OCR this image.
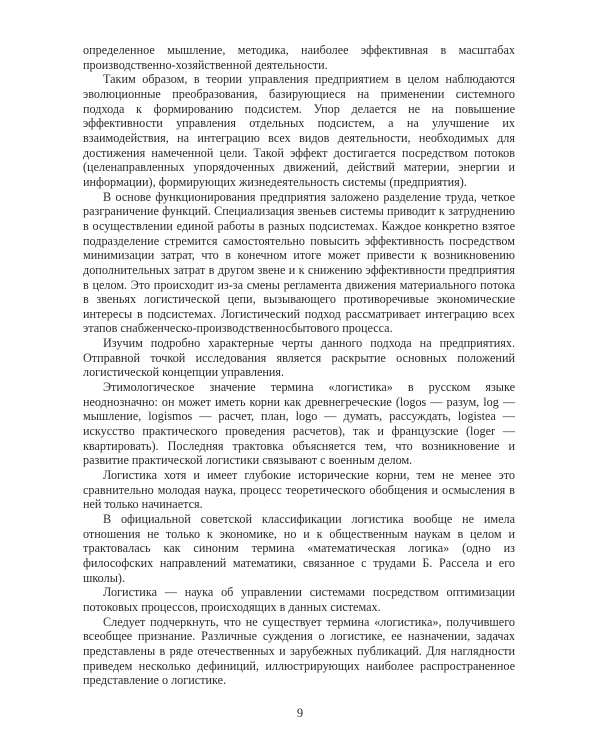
определенное мышление, методика, наиболее эффективная в масштабах производственно-хозяйственной деятельности.

Таким образом, в теории управления предприятием в целом наблюдаются эволюционные преобразования, базирующиеся на применении системного подхода к формированию подсистем. Упор делается не на повышение эффективности управления отдельных подсистем, а на улучшение их взаимодействия, на интеграцию всех видов деятельности, необходимых для достижения намеченной цели. Такой эффект достигается посредством потоков (целенаправленных упорядоченных движений, действий материи, энергии и информации), формирующих жизнедеятельность системы (предприятия).

В основе функционирования предприятия заложено разделение труда, четкое разграничение функций. Специализация звеньев системы приводит к затруднению в осуществлении единой работы в разных подсистемах. Каждое конкретно взятое подразделение стремится самостоятельно повысить эффективность посредством минимизации затрат, что в конечном итоге может привести к возникновению дополнительных затрат в другом звене и к снижению эффективности предприятия в целом. Это происходит из-за смены регламента движения материального потока в звеньях логистической цепи, вызывающего противоречивые экономические интересы в подсистемах. Логистический подход рассматривает интеграцию всех этапов снабженческо-производственносбытового процесса.

Изучим подробно характерные черты данного подхода на предприятиях. Отправной точкой исследования является раскрытие основных положений логистической концепции управления.

Этимологическое значение термина «логистика» в русском языке неоднозначно: он может иметь корни как древнегреческие (logos — разум, log — мышление, logismos — расчет, план, logo — думать, рассуждать, logistea — искусство практического проведения расчетов), так и французские (loger — квартировать). Последняя трактовка объясняется тем, что возникновение и развитие практической логистики связывают с военным делом.

Логистика хотя и имеет глубокие исторические корни, тем не менее это сравнительно молодая наука, процесс теоретического обобщения и осмысления в ней только начинается.

В официальной советской классификации логистика вообще не имела отношения не только к экономике, но и к общественным наукам в целом и трактовалась как синоним термина «математическая логика» (одно из философских направлений математики, связанное с трудами Б. Рассела и его школы).

Логистика — наука об управлении системами посредством оптимизации потоковых процессов, происходящих в данных системах.

Следует подчеркнуть, что не существует термина «логистика», получившего всеобщее признание. Различные суждения о логистике, ее назначении, задачах представлены в ряде отечественных и зарубежных публикаций. Для наглядности приведем несколько дефиниций, иллюстрирующих наиболее распространенное представление о логистике.

9
